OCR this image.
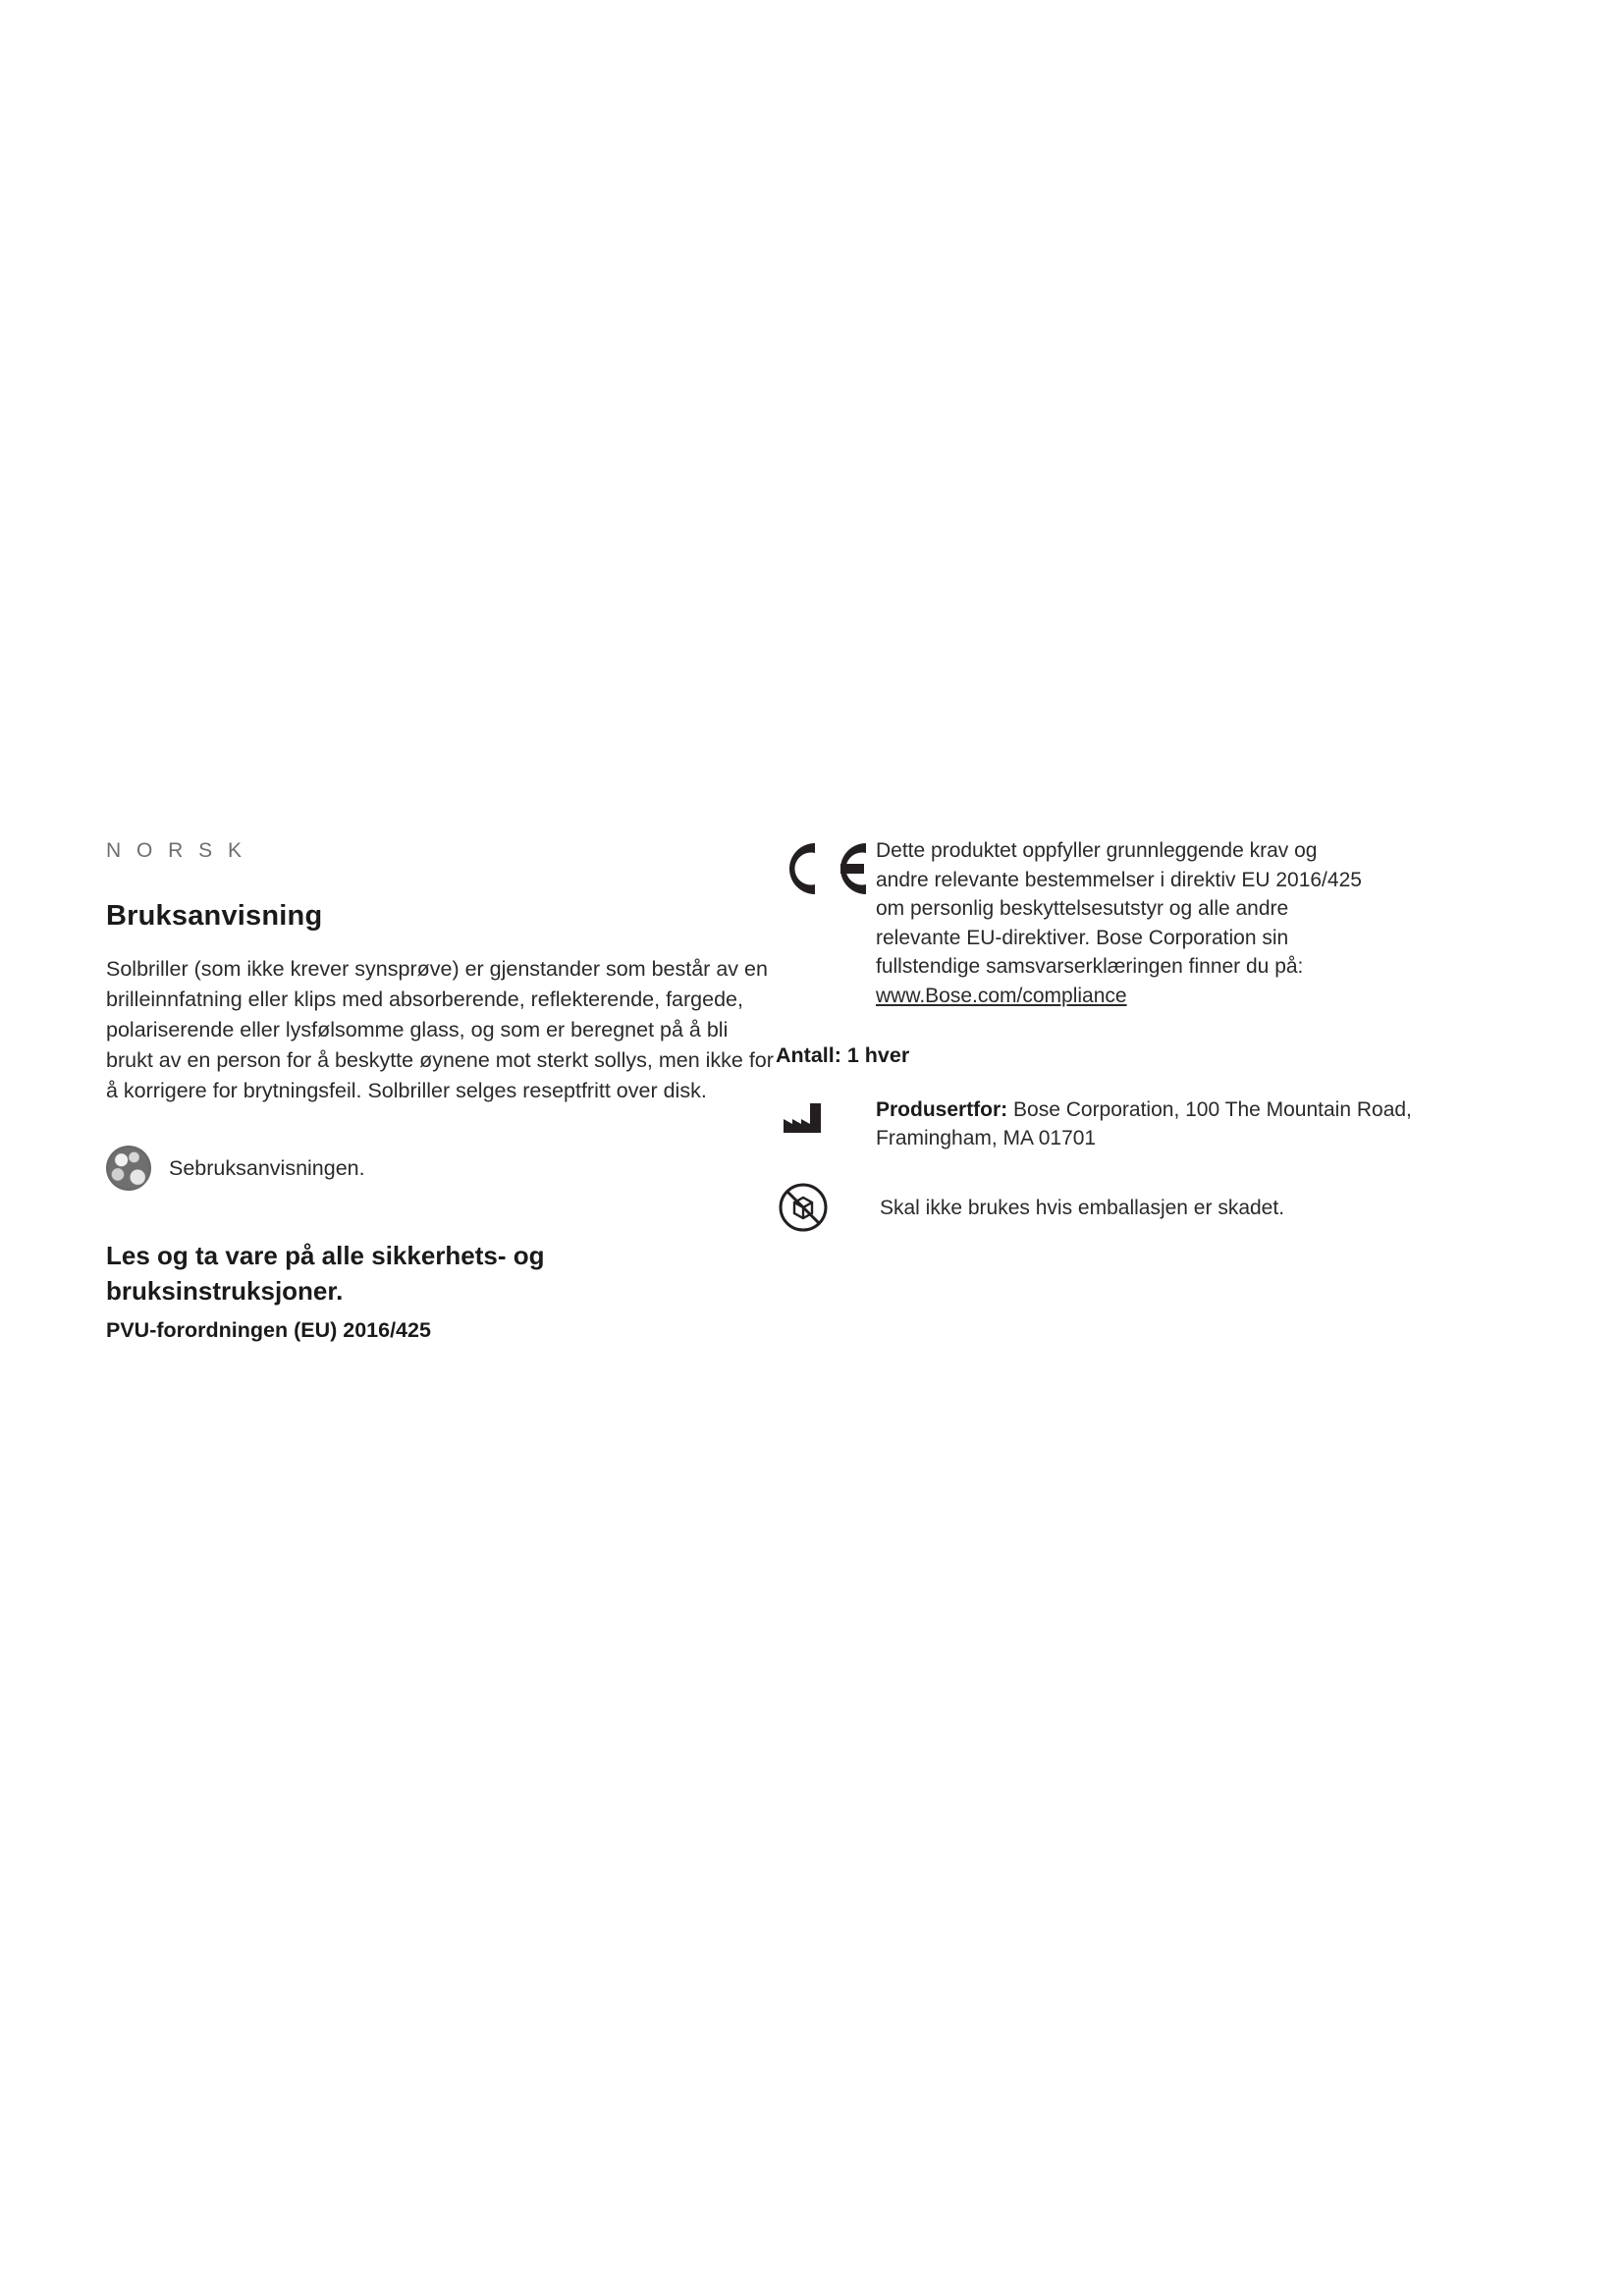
N O R S K
Bruksanvisning

Solbriller (som ikke krever synsprøve) er gjenstander som består av en brilleinnfatning eller klips med absorberende, reflekterende, fargede, polariserende eller lysfølsomme glass, og som er beregnet på å bli brukt av en person for å beskytte øynene mot sterkt sollys, men ikke for å korrigere for brytningsfeil. Solbriller selges reseptfritt over disk.

Sebruksanvisningen.

Les og ta vare på alle sikkerhets- og bruksinstruksjoner.

PVU-forordningen (EU) 2016/425

Dette produktet oppfyller grunnleggende krav og
andre relevante bestemmelser i direktiv EU 2016/425
om personlig beskyttelsesutstyr og alle andre
relevante EU-direktiver. Bose Corporation sin
fullstendige samsvarserklæringen finner du på:
www.Bose.com/compliance

Antall: 1 hver

Produsertfor: Bose Corporation, 100 The Mountain Road,
Framingham, MA 01701
Skal ikke brukes hvis emballasjen er skadet.
